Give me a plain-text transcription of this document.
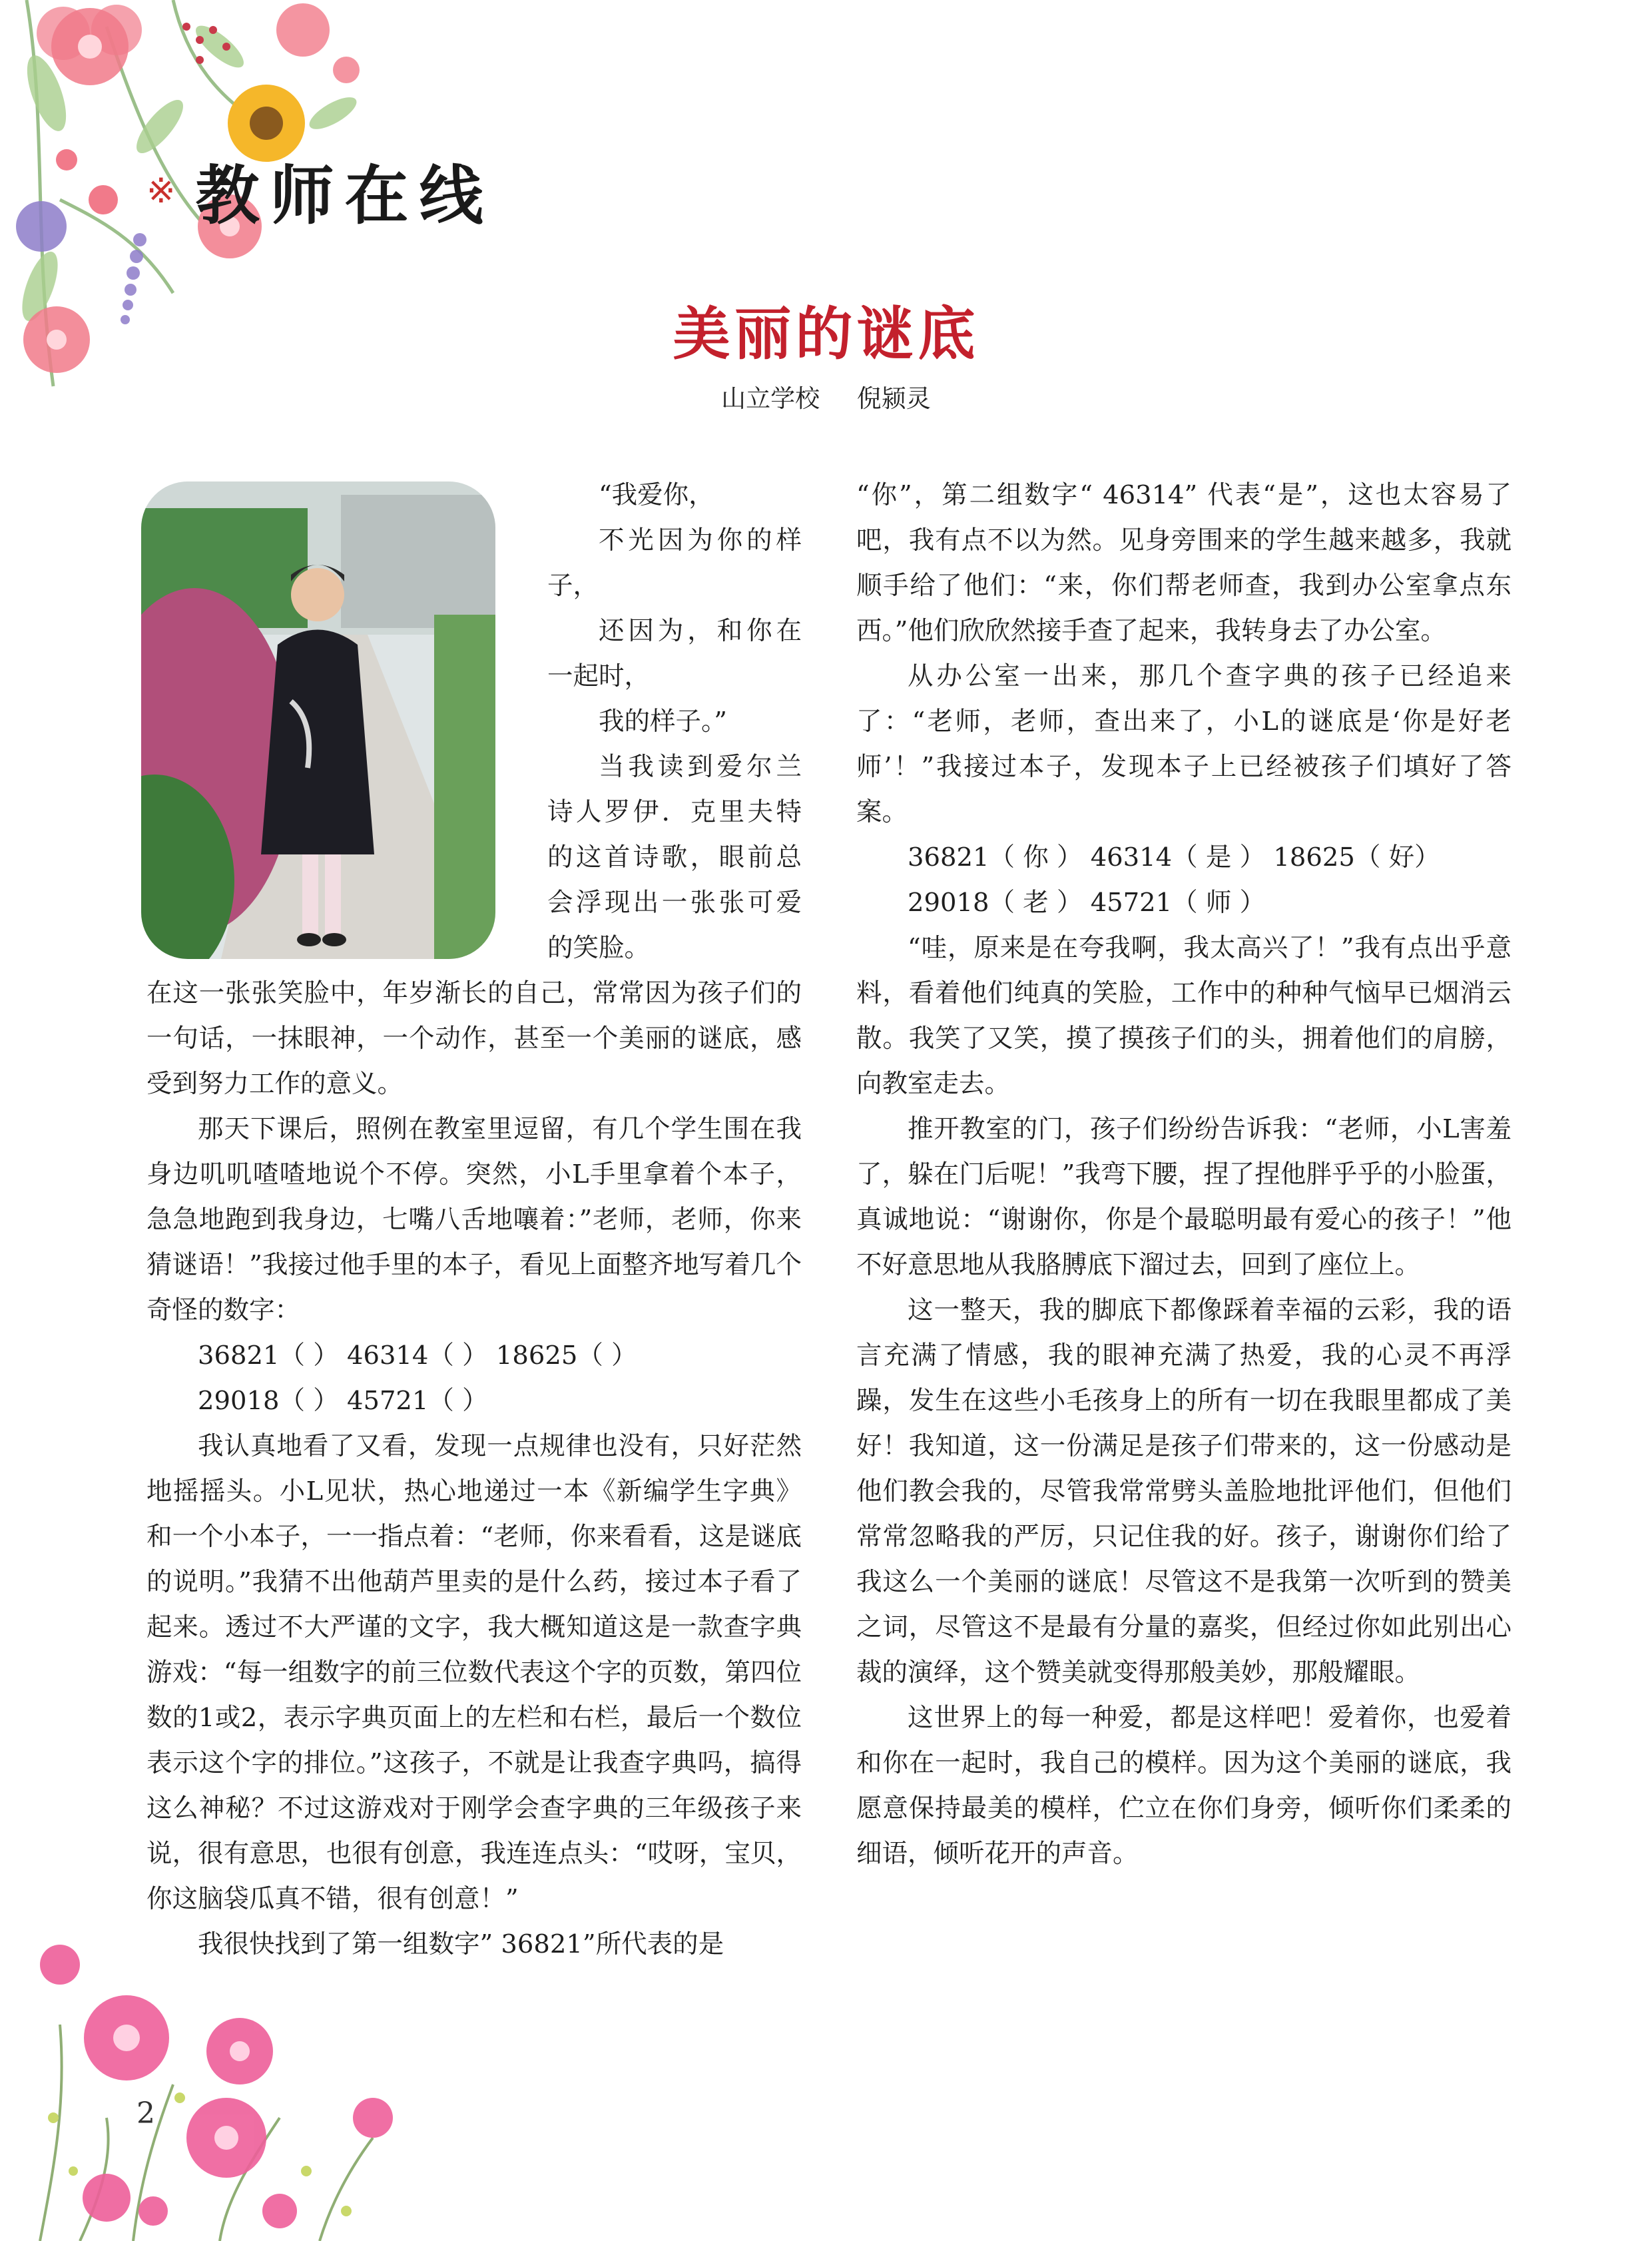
※ 教师在线
美丽的谜底
山立学校 倪颍灵

“我爱你，

不光因为你的样子，

还因为，和你在一起时，

我的样子。”

当我读到爱尔兰诗人罗伊．克里夫特的这首诗歌，眼前总会浮现出一张张可爱的笑脸。

在这一张张笑脸中，年岁渐长的自己，常常因为孩子们的一句话，一抹眼神，一个动作，甚至一个美丽的谜底，感受到努力工作的意义。

那天下课后，照例在教室里逗留，有几个学生围在我身边叽叽喳喳地说个不停。突然，小L手里拿着个本子，急急地跑到我身边，七嘴八舌地嚷着：”老师，老师，你来猜谜语！”我接过他手里的本子，看见上面整齐地写着几个奇怪的数字：

36821（ ） 46314（ ） 18625（ ）

29018（ ） 45721（ ）

我认真地看了又看，发现一点规律也没有，只好茫然地摇摇头。小L见状，热心地递过一本《新编学生字典》和一个小本子，一一指点着：“老师，你来看看，这是谜底的说明。”我猜不出他葫芦里卖的是什么药，接过本子看了起来。透过不大严谨的文字，我大概知道这是一款查字典游戏：“每一组数字的前三位数代表这个字的页数，第四位数的1或2，表示字典页面上的左栏和右栏，最后一个数位表示这个字的排位。”这孩子，不就是让我查字典吗，搞得这么神秘？不过这游戏对于刚学会查字典的三年级孩子来说，很有意思，也很有创意，我连连点头：“哎呀，宝贝，你这脑袋瓜真不错，很有创意！”

我很快找到了第一组数字” 36821”所代表的是

“你”，第二组数字“ 46314” 代表“是”，这也太容易了吧，我有点不以为然。见身旁围来的学生越来越多，我就顺手给了他们：“来，你们帮老师查，我到办公室拿点东西。”他们欣欣然接手查了起来，我转身去了办公室。

从办公室一出来，那几个查字典的孩子已经追来了：“老师，老师，查出来了，小L的谜底是‘你是好老师’！”我接过本子，发现本子上已经被孩子们填好了答案。

36821（ 你 ） 46314（ 是 ） 18625（ 好）

29018（ 老 ） 45721（ 师 ）

“哇，原来是在夸我啊，我太高兴了！”我有点出乎意料，看着他们纯真的笑脸，工作中的种种气恼早已烟消云散。我笑了又笑，摸了摸孩子们的头，拥着他们的肩膀，向教室走去。

推开教室的门，孩子们纷纷告诉我：“老师，小L害羞了，躲在门后呢！”我弯下腰，捏了捏他胖乎乎的小脸蛋，真诚地说：“谢谢你，你是个最聪明最有爱心的孩子！”他不好意思地从我胳膊底下溜过去，回到了座位上。

这一整天，我的脚底下都像踩着幸福的云彩，我的语言充满了情感，我的眼神充满了热爱，我的心灵不再浮躁，发生在这些小毛孩身上的所有一切在我眼里都成了美好！我知道，这一份满足是孩子们带来的，这一份感动是他们教会我的，尽管我常常劈头盖脸地批评他们，但他们常常忽略我的严厉，只记住我的好。孩子，谢谢你们给了我这么一个美丽的谜底！尽管这不是我第一次听到的赞美之词，尽管这不是最有分量的嘉奖，但经过你如此别出心裁的演绎，这个赞美就变得那般美妙，那般耀眼。

这世界上的每一种爱，都是这样吧！爱着你，也爱着和你在一起时，我自己的模样。因为这个美丽的谜底，我愿意保持最美的模样，伫立在你们身旁，倾听你们柔柔的细语，倾听花开的声音。

2
